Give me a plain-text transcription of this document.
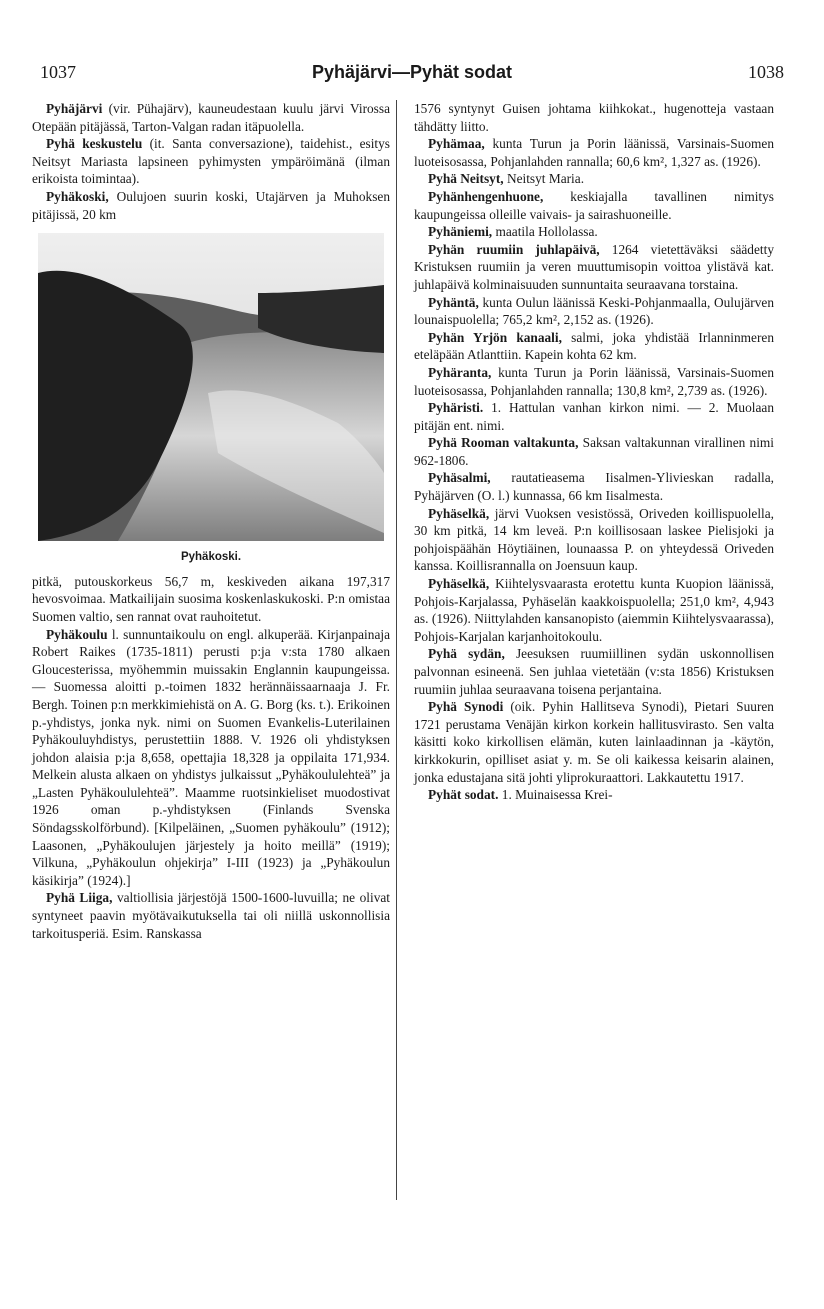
1037	Pyhäjärvi—Pyhät sodat	1038

Pyhäjärvi (vir. Pühajärv), kauneudestaan kuulu järvi Virossa Otepään pitäjässä, Tarton-Valgan radan itäpuolella.

Pyhä keskustelu (it. Santa conversazione), taidehist., esitys Neitsyt Mariasta lapsineen pyhimysten ympäröimänä (ilman erikoista toimintaa).

Pyhäkoski, Oulujoen suurin koski, Utajärven ja Muhoksen pitäjissä, 20 km

Pyhäkoski.

pitkä, putouskorkeus 56,7 m, keskiveden aikana 197,317 hevosvoimaa. Matkailijain suosima koskenlaskukoski. P:n omistaa Suomen valtio, sen rannat ovat rauhoitetut.

Pyhäkoulu l. sunnuntaikoulu on engl. alkuperää. Kirjanpainaja Robert Raikes (1735-1811) perusti p:ja v:sta 1780 alkaen Gloucesterissa, myöhemmin muissakin Englannin kaupungeissa. — Suomessa aloitti p.-toimen 1832 herännäissaarnaaja J. Fr. Bergh. Toinen p:n merkkimiehistä on A. G. Borg (ks. t.). Erikoinen p.-yhdistys, jonka nyk. nimi on Suomen Evankelis-Luterilainen Pyhäkouluyhdistys, perustettiin 1888. V. 1926 oli yhdistyksen johdon alaisia p:ja 8,658, opettajia 18,328 ja oppilaita 171,934. Melkein alusta alkaen on yhdistys julkaissut „Pyhäkoululehteä” ja „Lasten Pyhäkoululehteä”. Maamme ruotsinkieliset muodostivat 1926 oman p.-yhdistyksen (Finlands Svenska Söndagsskolförbund). [Kilpeläinen, „Suomen pyhäkoulu” (1912); Laasonen, „Pyhäkoulujen järjestely ja hoito meillä” (1919); Vilkuna, „Pyhäkoulun ohjekirja” I-III (1923) ja „Pyhäkoulun käsikirja” (1924).]

Pyhä Liiga, valtiollisia järjestöjä 1500-1600-luvuilla; ne olivat syntyneet paavin myötävaikutuksella tai oli niillä uskonnollisia tarkoitusperiä. Esim. Ranskassa

1576 syntynyt Guisen johtama kiihkokat., hugenotteja vastaan tähdätty liitto.

Pyhämaa, kunta Turun ja Porin läänissä, Varsinais-Suomen luoteisosassa, Pohjanlahden rannalla; 60,6 km², 1,327 as. (1926).

Pyhä Neitsyt, Neitsyt Maria.

Pyhänhengenhuone, keskiajalla tavallinen nimitys kaupungeissa olleille vaivais- ja sairashuoneille.

Pyhäniemi, maatila Hollolassa.

Pyhän ruumiin juhlapäivä, 1264 vietettäväksi säädetty Kristuksen ruumiin ja veren muuttumisopin voittoa ylistävä kat. juhlapäivä kolminaisuuden sunnuntaita seuraavana torstaina.

Pyhäntä, kunta Oulun läänissä Keski-Pohjanmaalla, Oulujärven lounaispuolella; 765,2 km², 2,152 as. (1926).

Pyhän Yrjön kanaali, salmi, joka yhdistää Irlanninmeren eteläpään Atlanttiin. Kapein kohta 62 km.

Pyhäranta, kunta Turun ja Porin läänissä, Varsinais-Suomen luoteisosassa, Pohjanlahden rannalla; 130,8 km², 2,739 as. (1926).

Pyhäristi. 1. Hattulan vanhan kirkon nimi. — 2. Muolaan pitäjän ent. nimi.

Pyhä Rooman valtakunta, Saksan valtakunnan virallinen nimi 962-1806.

Pyhäsalmi, rautatieasema Iisalmen-Ylivieskan radalla, Pyhäjärven (O. l.) kunnassa, 66 km Iisalmesta.

Pyhäselkä, järvi Vuoksen vesistössä, Oriveden koillispuolella, 30 km pitkä, 14 km leveä. P:n koillisosaan laskee Pielisjoki ja pohjoispäähän Höytiäinen, lounaassa P. on yhteydessä Oriveden kanssa. Koillisrannalla on Joensuun kaup.

Pyhäselkä, Kiihtelysvaarasta erotettu kunta Kuopion läänissä, Pohjois-Karjalassa, Pyhäselän kaakkoispuolella; 251,0 km², 4,943 as. (1926). Niittylahden kansanopisto (aiemmin Kiihtelysvaarassa), Pohjois-Karjalan karjanhoitokoulu.

Pyhä sydän, Jeesuksen ruumiillinen sydän uskonnollisen palvonnan esineenä. Sen juhlaa vietetään (v:sta 1856) Kristuksen ruumiin juhlaa seuraavana toisena perjantaina.

Pyhä Synodi (oik. Pyhin Hallitseva Synodi), Pietari Suuren 1721 perustama Venäjän kirkon korkein hallitusvirasto. Sen valta käsitti koko kirkollisen elämän, kuten lainlaadinnan ja -käytön, kirkkokurin, opilliset asiat y. m. Se oli kaikessa keisarin alainen, jonka edustajana sitä johti yliprokuraattori. Lakkautettu 1917.

Pyhät sodat. 1. Muinaisessa Krei-
